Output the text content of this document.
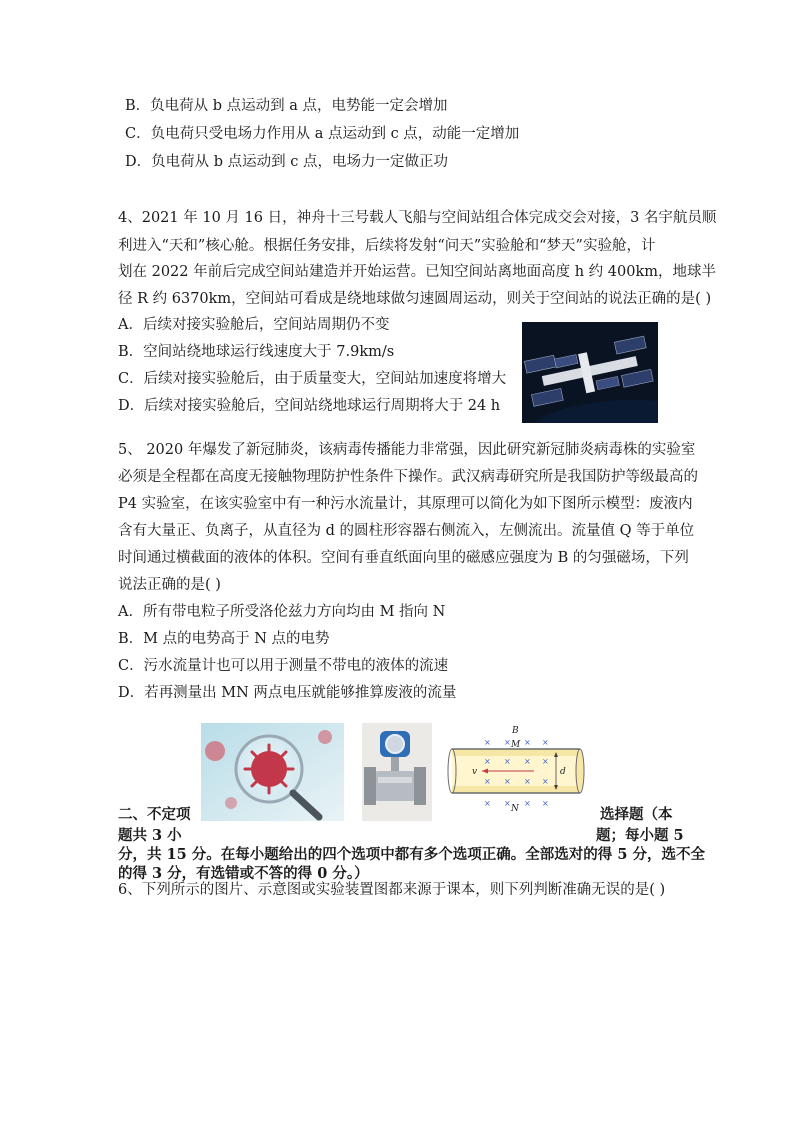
B．负电荷从 b 点运动到 a 点，电势能一定会增加
C．负电荷只受电场力作用从 a 点运动到 c 点，动能一定增加
D．负电荷从 b 点运动到 c 点，电场力一定做正功
4、2021 年 10 月 16 日，神舟十三号载人飞船与空间站组合体完成交会对接，3 名宇航员顺
利进入“天和”核心舱。根据任务安排，后续将发射“问天”实验舱和“梦天”实验舱，计
划在 2022 年前后完成空间站建造并开始运营。已知空间站离地面高度 h 约 400km，地球半
径 R 约 6370km，空间站可看成是绕地球做匀速圆周运动，则关于空间站的说法正确的是( )
A．后续对接实验舱后，空间站周期仍不变
B．空间站绕地球运行线速度大于 7.9km/s
C．后续对接实验舱后，由于质量变大，空间站加速度将增大
D．后续对接实验舱后，空间站绕地球运行周期将大于 24 h
5、 2020 年爆发了新冠肺炎，该病毒传播能力非常强，因此研究新冠肺炎病毒株的实验室
必须是全程都在高度无接触物理防护性条件下操作。武汉病毒研究所是我国防护等级最高的
P4 实验室，在该实验室中有一种污水流量计，其原理可以简化为如下图所示模型：废液内
含有大量正、负离子，从直径为 d 的圆柱形容器右侧流入，左侧流出。流量值 Q 等于单位
时间通过横截面的液体的体积。空间有垂直纸面向里的磁感应强度为 B 的匀强磁场，下列
说法正确的是( )
A．所有带电粒子所受洛伦兹力方向均由 M 指向 N
B．M 点的电势高于 N 点的电势
C．污水流量计也可以用于测量不带电的液体的流速
D．若再测量出 MN 两点电压就能够推算废液的流量
× × × ×
× × × ×
× × × ×
× × × ×
B
M
N
v	d
二、不定项	选择题（本
题共 3 小	题；每小题 5
分，共 15 分。在每小题给出的四个选项中都有多个选项正确。全部选对的得 5 分，选不全
的得 3 分，有选错或不答的得 0 分。）
6、下列所示的图片、示意图或实验装置图都来源于课本，则下列判断准确无误的是( )
